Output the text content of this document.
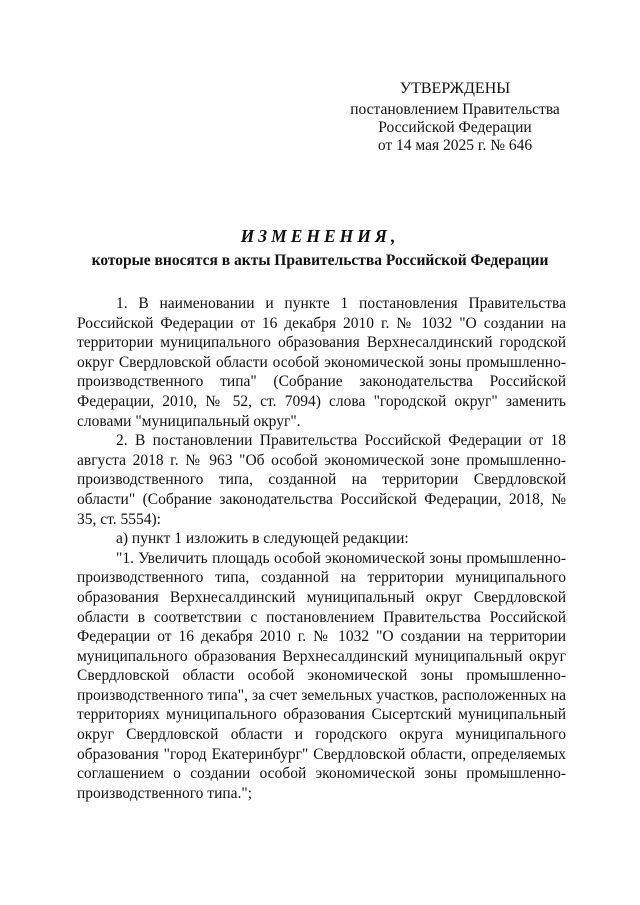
УТВЕРЖДЕНЫ
постановлением Правительства
Российской Федерации
от 14 мая 2025 г. № 646
ИЗМЕНЕНИЯ,
которые вносятся в акты Правительства Российской Федерации

1. В наименовании и пункте 1 постановления Правительства Российской Федерации от 16 декабря 2010 г. № 1032 "О создании на территории муниципального образования Верхнесалдинский городской округ Свердловской области особой экономической зоны промышленно-производственного типа" (Собрание законодательства Российской Федерации, 2010, № 52, ст. 7094) слова "городской округ" заменить словами "муниципальный округ".

2. В постановлении Правительства Российской Федерации от 18 августа 2018 г. № 963 "Об особой экономической зоне промышленно-производственного типа, созданной на территории Свердловской области" (Собрание законодательства Российской Федерации, 2018, № 35, ст. 5554):

а) пункт 1 изложить в следующей редакции:

"1. Увеличить площадь особой экономической зоны промышленно-производственного типа, созданной на территории муниципального образования Верхнесалдинский муниципальный округ Свердловской области в соответствии с постановлением Правительства Российской Федерации от 16 декабря 2010 г. № 1032 "О создании на территории муниципального образования Верхнесалдинский муниципальный округ Свердловской области особой экономической зоны промышленно-производственного типа", за счет земельных участков, расположенных на территориях муниципального образования Сысертский муниципальный округ Свердловской области и городского округа муниципального образования "город Екатеринбург" Свердловской области, определяемых соглашением о создании особой экономической зоны промышленно-производственного типа.";
